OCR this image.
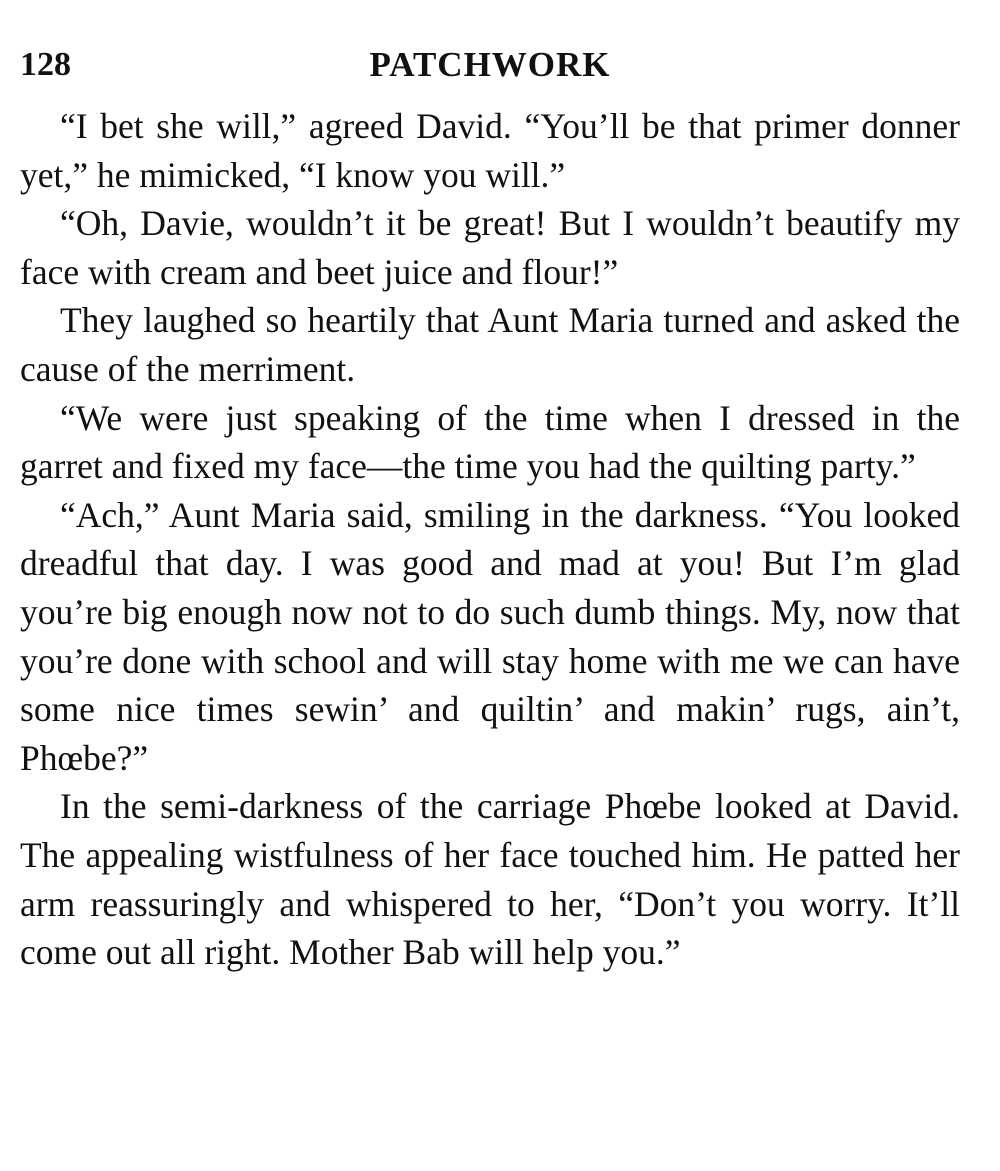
128	PATCHWORK

“I bet she will,” agreed David. “You’ll be that primer donner yet,” he mimicked, “I know you will.”

“Oh, Davie, wouldn’t it be great! But I wouldn’t beautify my face with cream and beet juice and flour!”

They laughed so heartily that Aunt Maria turned and asked the cause of the merriment.

“We were just speaking of the time when I dressed in the garret and fixed my face—the time you had the quilting party.”

“Ach,” Aunt Maria said, smiling in the darkness. “You looked dreadful that day. I was good and mad at you! But I’m glad you’re big enough now not to do such dumb things. My, now that you’re done with school and will stay home with me we can have some nice times sewin’ and quiltin’ and makin’ rugs, ain’t, Phœbe?”

In the semi-darkness of the carriage Phœbe looked at David. The appealing wistfulness of her face touched him. He patted her arm reassuringly and whispered to her, “Don’t you worry. It’ll come out all right. Mother Bab will help you.”
